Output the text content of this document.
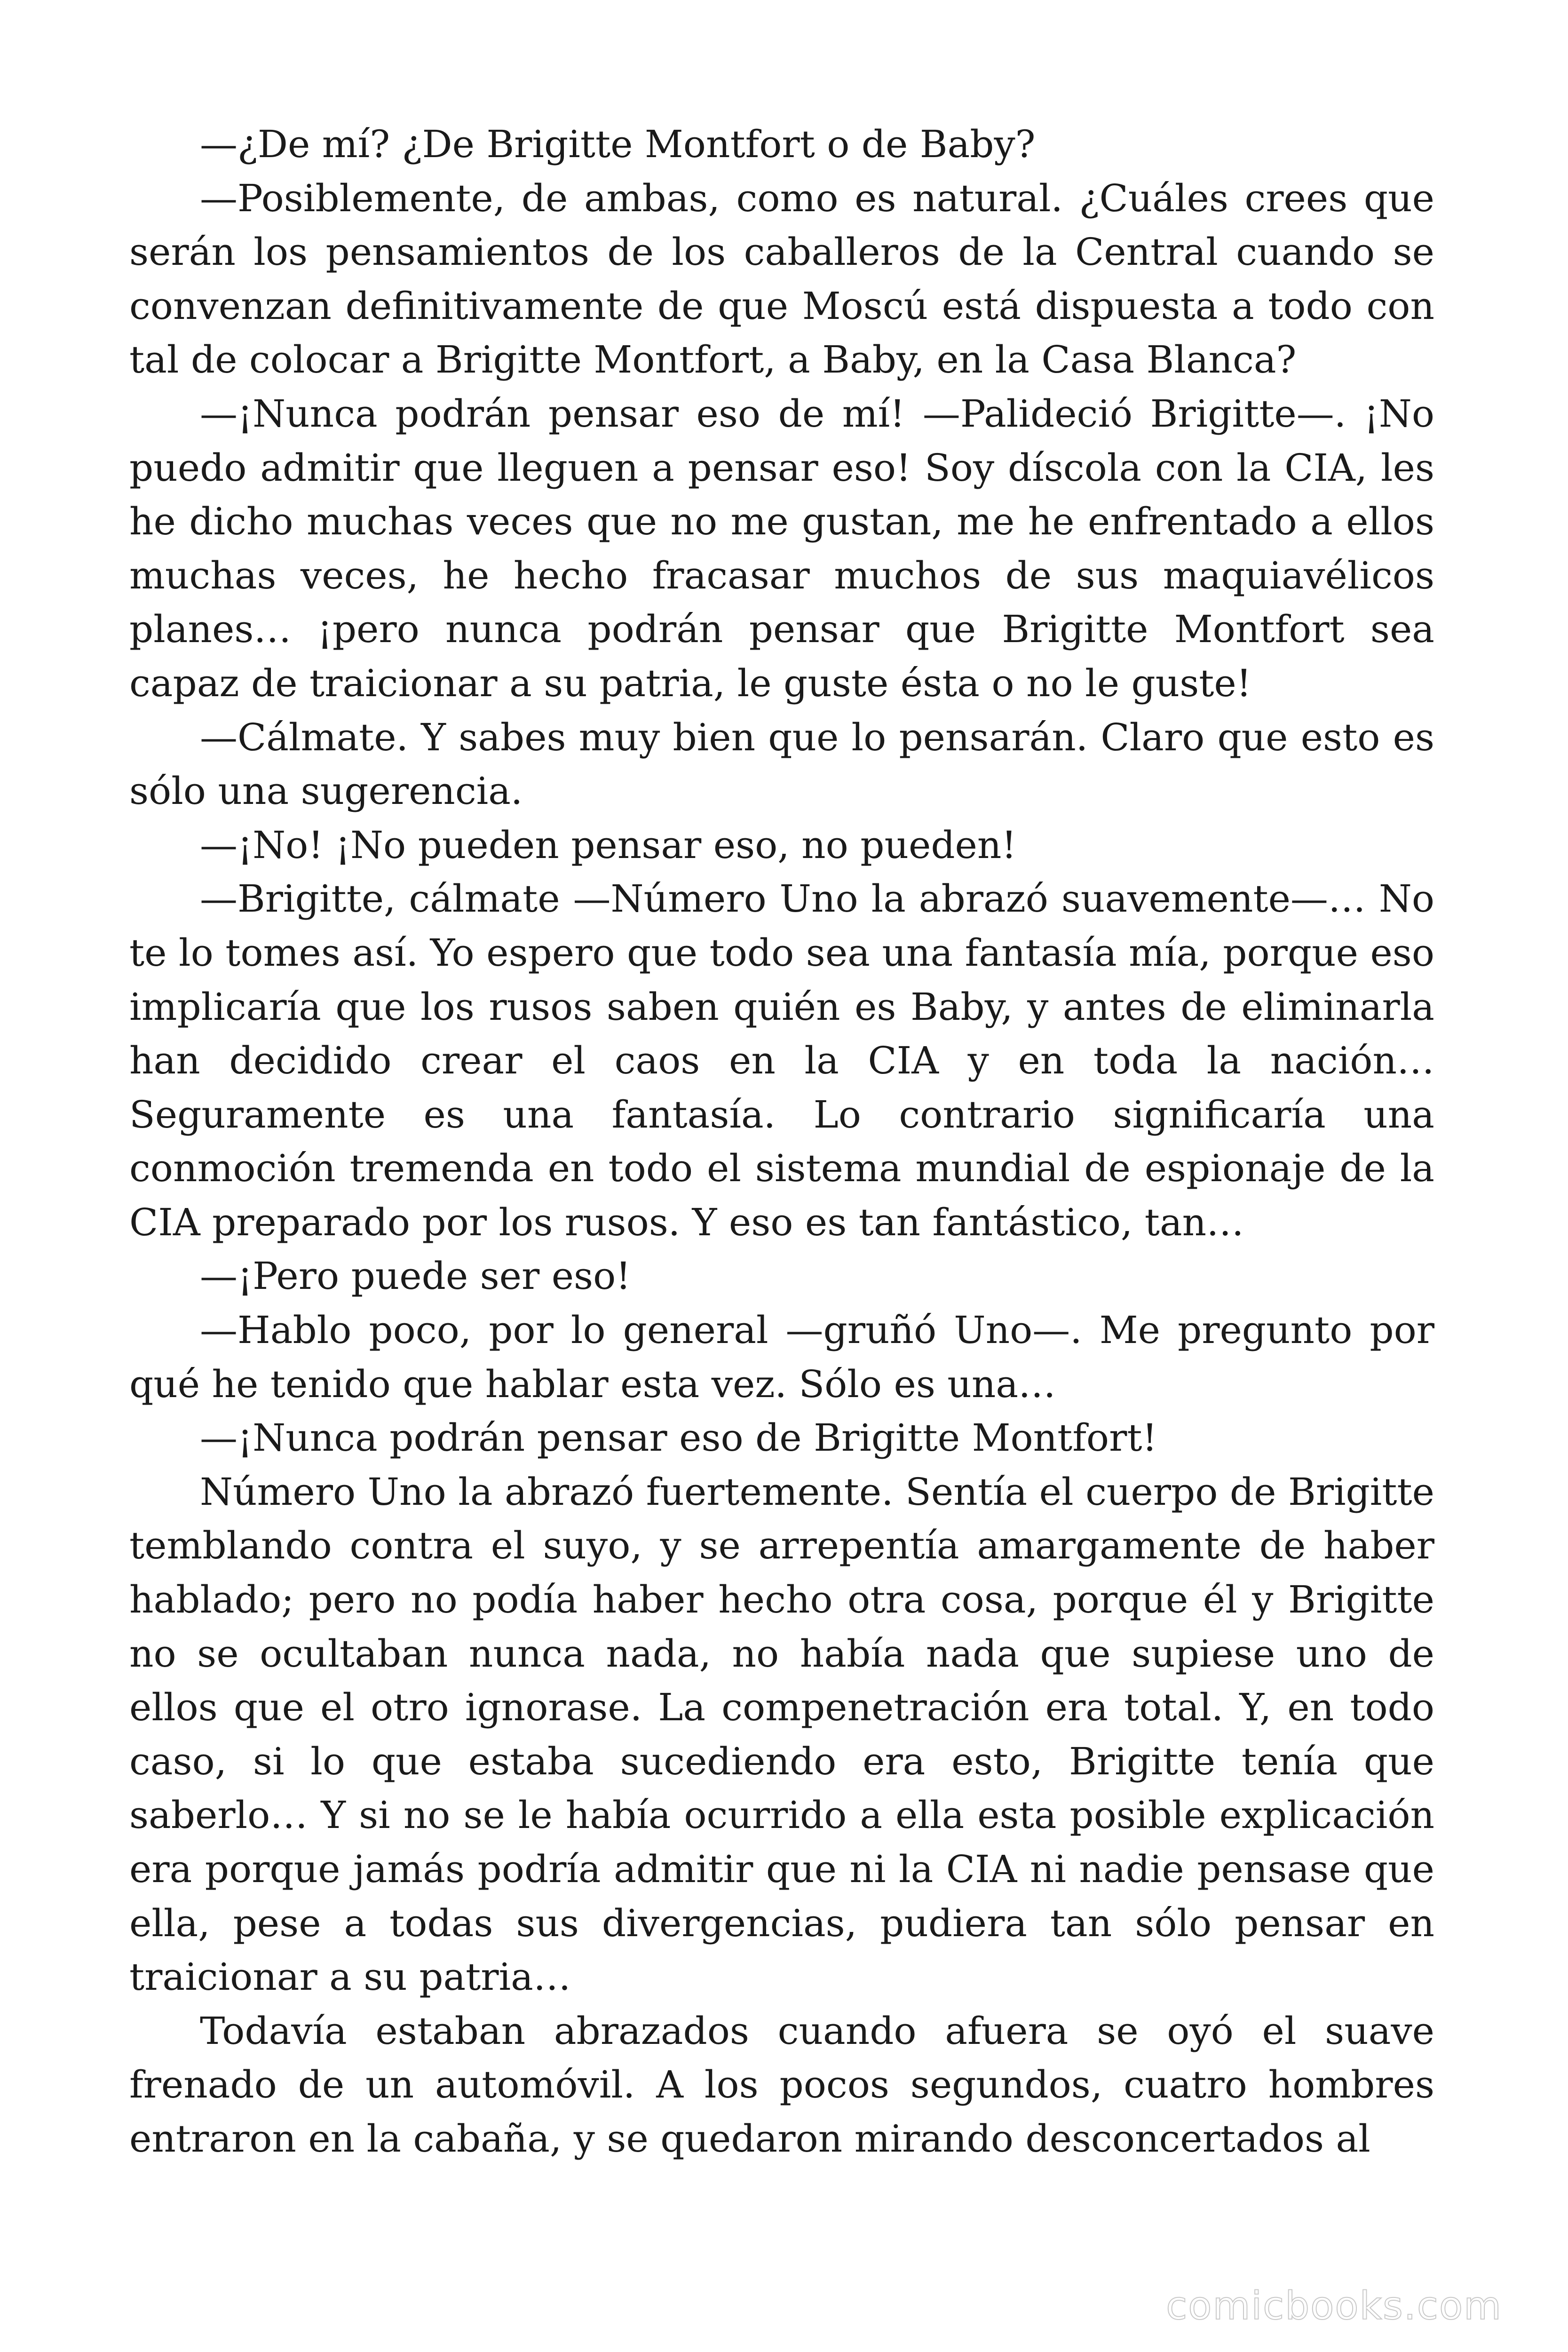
—¿De mí? ¿De Brigitte Montfort o de Baby?

—Posiblemente, de ambas, como es natural. ¿Cuáles crees que serán los pensamientos de los caballeros de la Central cuando se convenzan definitivamente de que Moscú está dispuesta a todo con tal de colocar a Brigitte Montfort, a Baby, en la Casa Blanca?

—¡Nunca podrán pensar eso de mí! —Palideció Brigitte—. ¡No puedo admitir que lleguen a pensar eso! Soy díscola con la CIA, les he dicho muchas veces que no me gustan, me he enfrentado a ellos muchas veces, he hecho fracasar muchos de sus maquiavélicos planes… ¡pero nunca podrán pensar que Brigitte Montfort sea capaz de traicionar a su patria, le guste ésta o no le guste!

—Cálmate. Y sabes muy bien que lo pensarán. Claro que esto es sólo una sugerencia.

—¡No! ¡No pueden pensar eso, no pueden!

—Brigitte, cálmate —Número Uno la abrazó suavemente—… No te lo tomes así. Yo espero que todo sea una fantasía mía, porque eso implicaría que los rusos saben quién es Baby, y antes de eliminarla han decidido crear el caos en la CIA y en toda la nación… Seguramente es una fantasía. Lo contrario significaría una conmoción tremenda en todo el sistema mundial de espionaje de la CIA preparado por los rusos. Y eso es tan fantástico, tan…

—¡Pero puede ser eso!

—Hablo poco, por lo general —gruñó Uno—. Me pregunto por qué he tenido que hablar esta vez. Sólo es una…

—¡Nunca podrán pensar eso de Brigitte Montfort!

Número Uno la abrazó fuertemente. Sentía el cuerpo de Brigitte temblando contra el suyo, y se arrepentía amargamente de haber hablado; pero no podía haber hecho otra cosa, porque él y Brigitte no se ocultaban nunca nada, no había nada que supiese uno de ellos que el otro ignorase. La compenetración era total. Y, en todo caso, si lo que estaba sucediendo era esto, Brigitte tenía que saberlo… Y si no se le había ocurrido a ella esta posible explicación era porque jamás podría admitir que ni la CIA ni nadie pensase que ella, pese a todas sus divergencias, pudiera tan sólo pensar en traicionar a su patria…

Todavía estaban abrazados cuando afuera se oyó el suave frenado de un automóvil. A los pocos segundos, cuatro hombres entraron en la cabaña, y se quedaron mirando desconcertados al

comicbooks.com
